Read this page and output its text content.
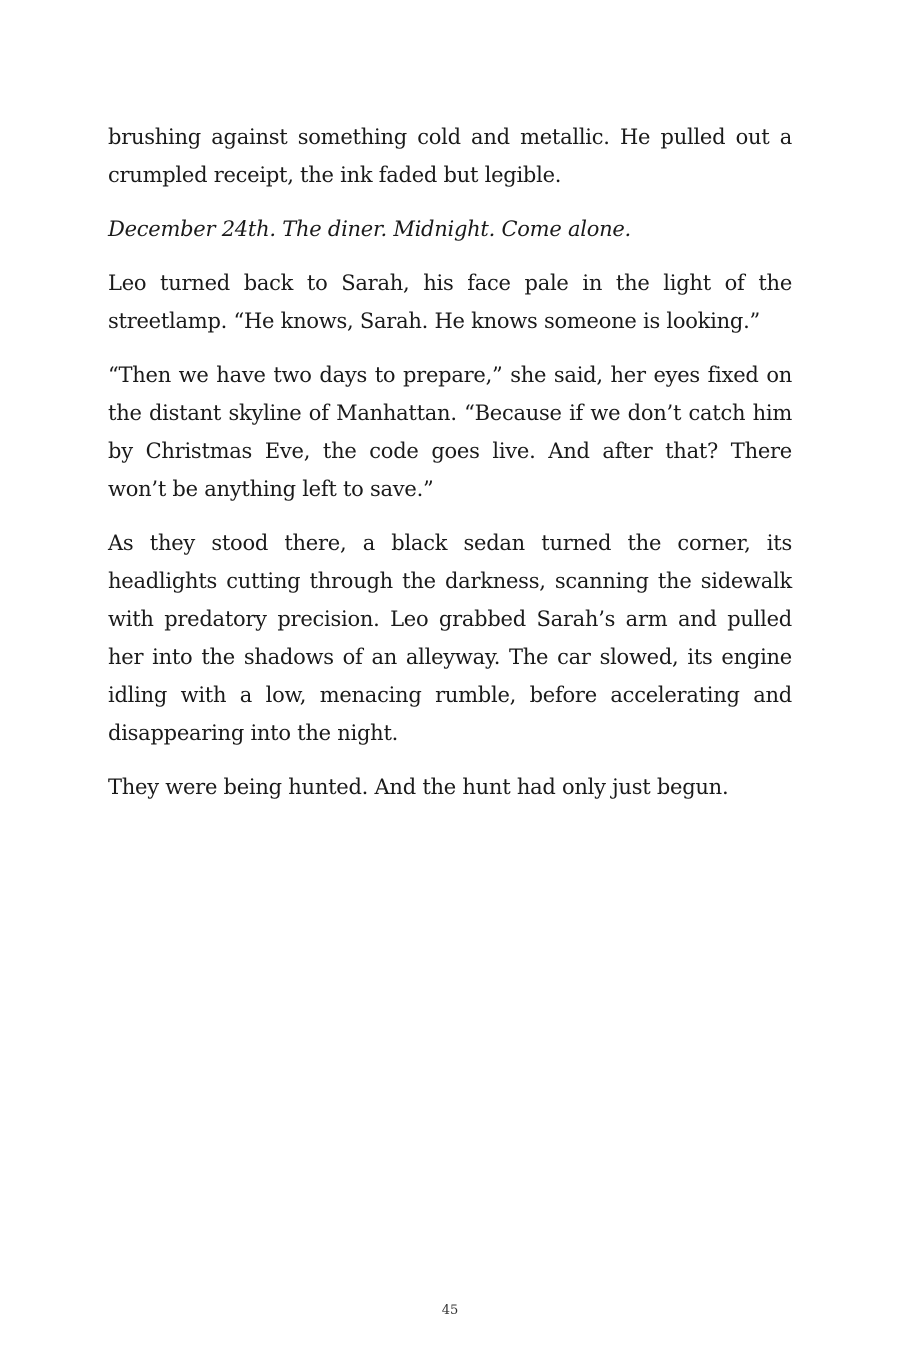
brushing against something cold and metallic. He pulled out a crumpled receipt, the ink faded but legible.

December 24th. The diner. Midnight. Come alone.

Leo turned back to Sarah, his face pale in the light of the streetlamp. “He knows, Sarah. He knows someone is looking.”

“Then we have two days to prepare,” she said, her eyes fixed on the distant skyline of Manhattan. “Because if we don’t catch him by Christmas Eve, the code goes live. And after that? There won’t be anything left to save.”

As they stood there, a black sedan turned the corner, its headlights cutting through the darkness, scanning the sidewalk with predatory precision. Leo grabbed Sarah’s arm and pulled her into the shadows of an alleyway. The car slowed, its engine idling with a low, menacing rumble, before accelerating and disappearing into the night.

They were being hunted. And the hunt had only just begun.

45
